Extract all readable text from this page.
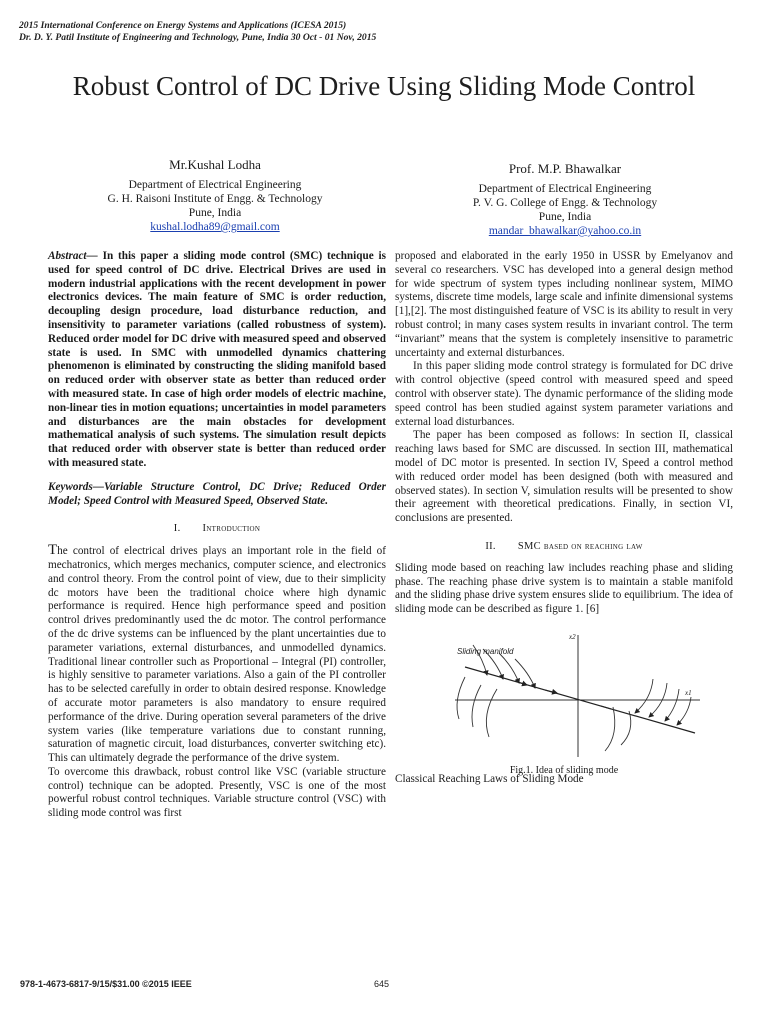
2015 International Conference on Energy Systems and Applications (ICESA 2015)
Dr. D. Y. Patil Institute of Engineering and Technology, Pune, India 30 Oct - 01 Nov, 2015
Robust Control of DC Drive Using Sliding Mode Control
Mr.Kushal Lodha
Department of Electrical Engineering
G. H. Raisoni Institute of Engg. & Technology
Pune, India
kushal.lodha89@gmail.com
Prof. M.P. Bhawalkar
Department of Electrical Engineering
P. V. G. College of Engg. & Technology
Pune, India
mandar_bhawalkar@yahoo.co.in

Abstract— In this paper a sliding mode control (SMC) technique is used for speed control of DC drive. Electrical Drives are used in modern industrial applications with the recent development in power electronics devices. The main feature of SMC is order reduction, decoupling design procedure, load disturbance reduction, and insensitivity to parameter variations (called robustness of system). Reduced order model for DC drive with measured speed and observed state is used. In SMC with unmodelled dynamics chattering phenomenon is eliminated by constructing the sliding manifold based on reduced order with observer state as better than reduced order with measured state. In case of high order models of electric machine, non-linear ties in motion equations; uncertainties in model parameters and disturbances are the main obstacles for development mathematical analysis of such systems. The simulation result depicts that reduced order with observer state is better than reduced order with measured state.

Keywords—Variable Structure Control, DC Drive; Reduced Order Model; Speed Control with Measured Speed, Observed State.

I. Introduction

The control of electrical drives plays an important role in the field of mechatronics, which merges mechanics, computer science, and electronics and control theory. From the control point of view, due to their simplicity dc motors have been the traditional choice where high dynamic performance is required. Hence high performance speed and position control drives predominantly used the dc motor. The control performance of the dc drive systems can be influenced by the plant uncertainties due to parameter variations, external disturbances, and unmodelled dynamics. Traditional linear controller such as Proportional – Integral (PI) controller, is highly sensitive to parameter variations. Also a gain of the PI controller has to be selected carefully in order to obtain desired response. Knowledge of accurate motor parameters is also mandatory to ensure required performance of the drive. During operation several parameters of the drive system varies (like temperature variations due to constant running, saturation of magnetic circuit, load disturbances, converter switching etc). This can ultimately degrade the performance of the drive system.

To overcome this drawback, robust control like VSC (variable structure control) technique can be adopted. Presently, VSC is one of the most powerful robust control techniques. Variable structure control (VSC) with sliding mode control was first

proposed and elaborated in the early 1950 in USSR by Emelyanov and several co researchers. VSC has developed into a general design method for wide spectrum of system types including nonlinear system, MIMO systems, discrete time models, large scale and infinite dimensional systems [1],[2]. The most distinguished feature of VSC is its ability to result in very robust control; in many cases system results in invariant control. The term “invariant” means that the system is completely insensitive to parametric uncertainty and external disturbances.

In this paper sliding mode control strategy is formulated for DC drive with control objective (speed control with measured speed and speed control with observer state). The dynamic performance of the sliding mode speed control has been studied against system parameter variations and external load disturbances.

The paper has been composed as follows: In section II, classical reaching laws based for SMC are discussed. In section III, mathematical model of DC motor is presented. In section IV, Speed a control method with reduced order model has been designed (both with measured and observed states). In section V, simulation results will be presented to show their agreement with theoretical predications. Finally, in section VI, conclusions are presented.

II. SMC based on reaching law

Sliding mode based on reaching law includes reaching phase and sliding phase. The reaching phase drive system is to maintain a stable manifold and the sliding phase drive system ensures slide to equilibrium. The idea of sliding mode can be described as figure 1. [6]

Sliding manifold
x2
x1
Fig.1. Idea of sliding mode

Classical Reaching Laws of Sliding Mode

978-1-4673-6817-9/15/$31.00 ©2015 IEEE	645
